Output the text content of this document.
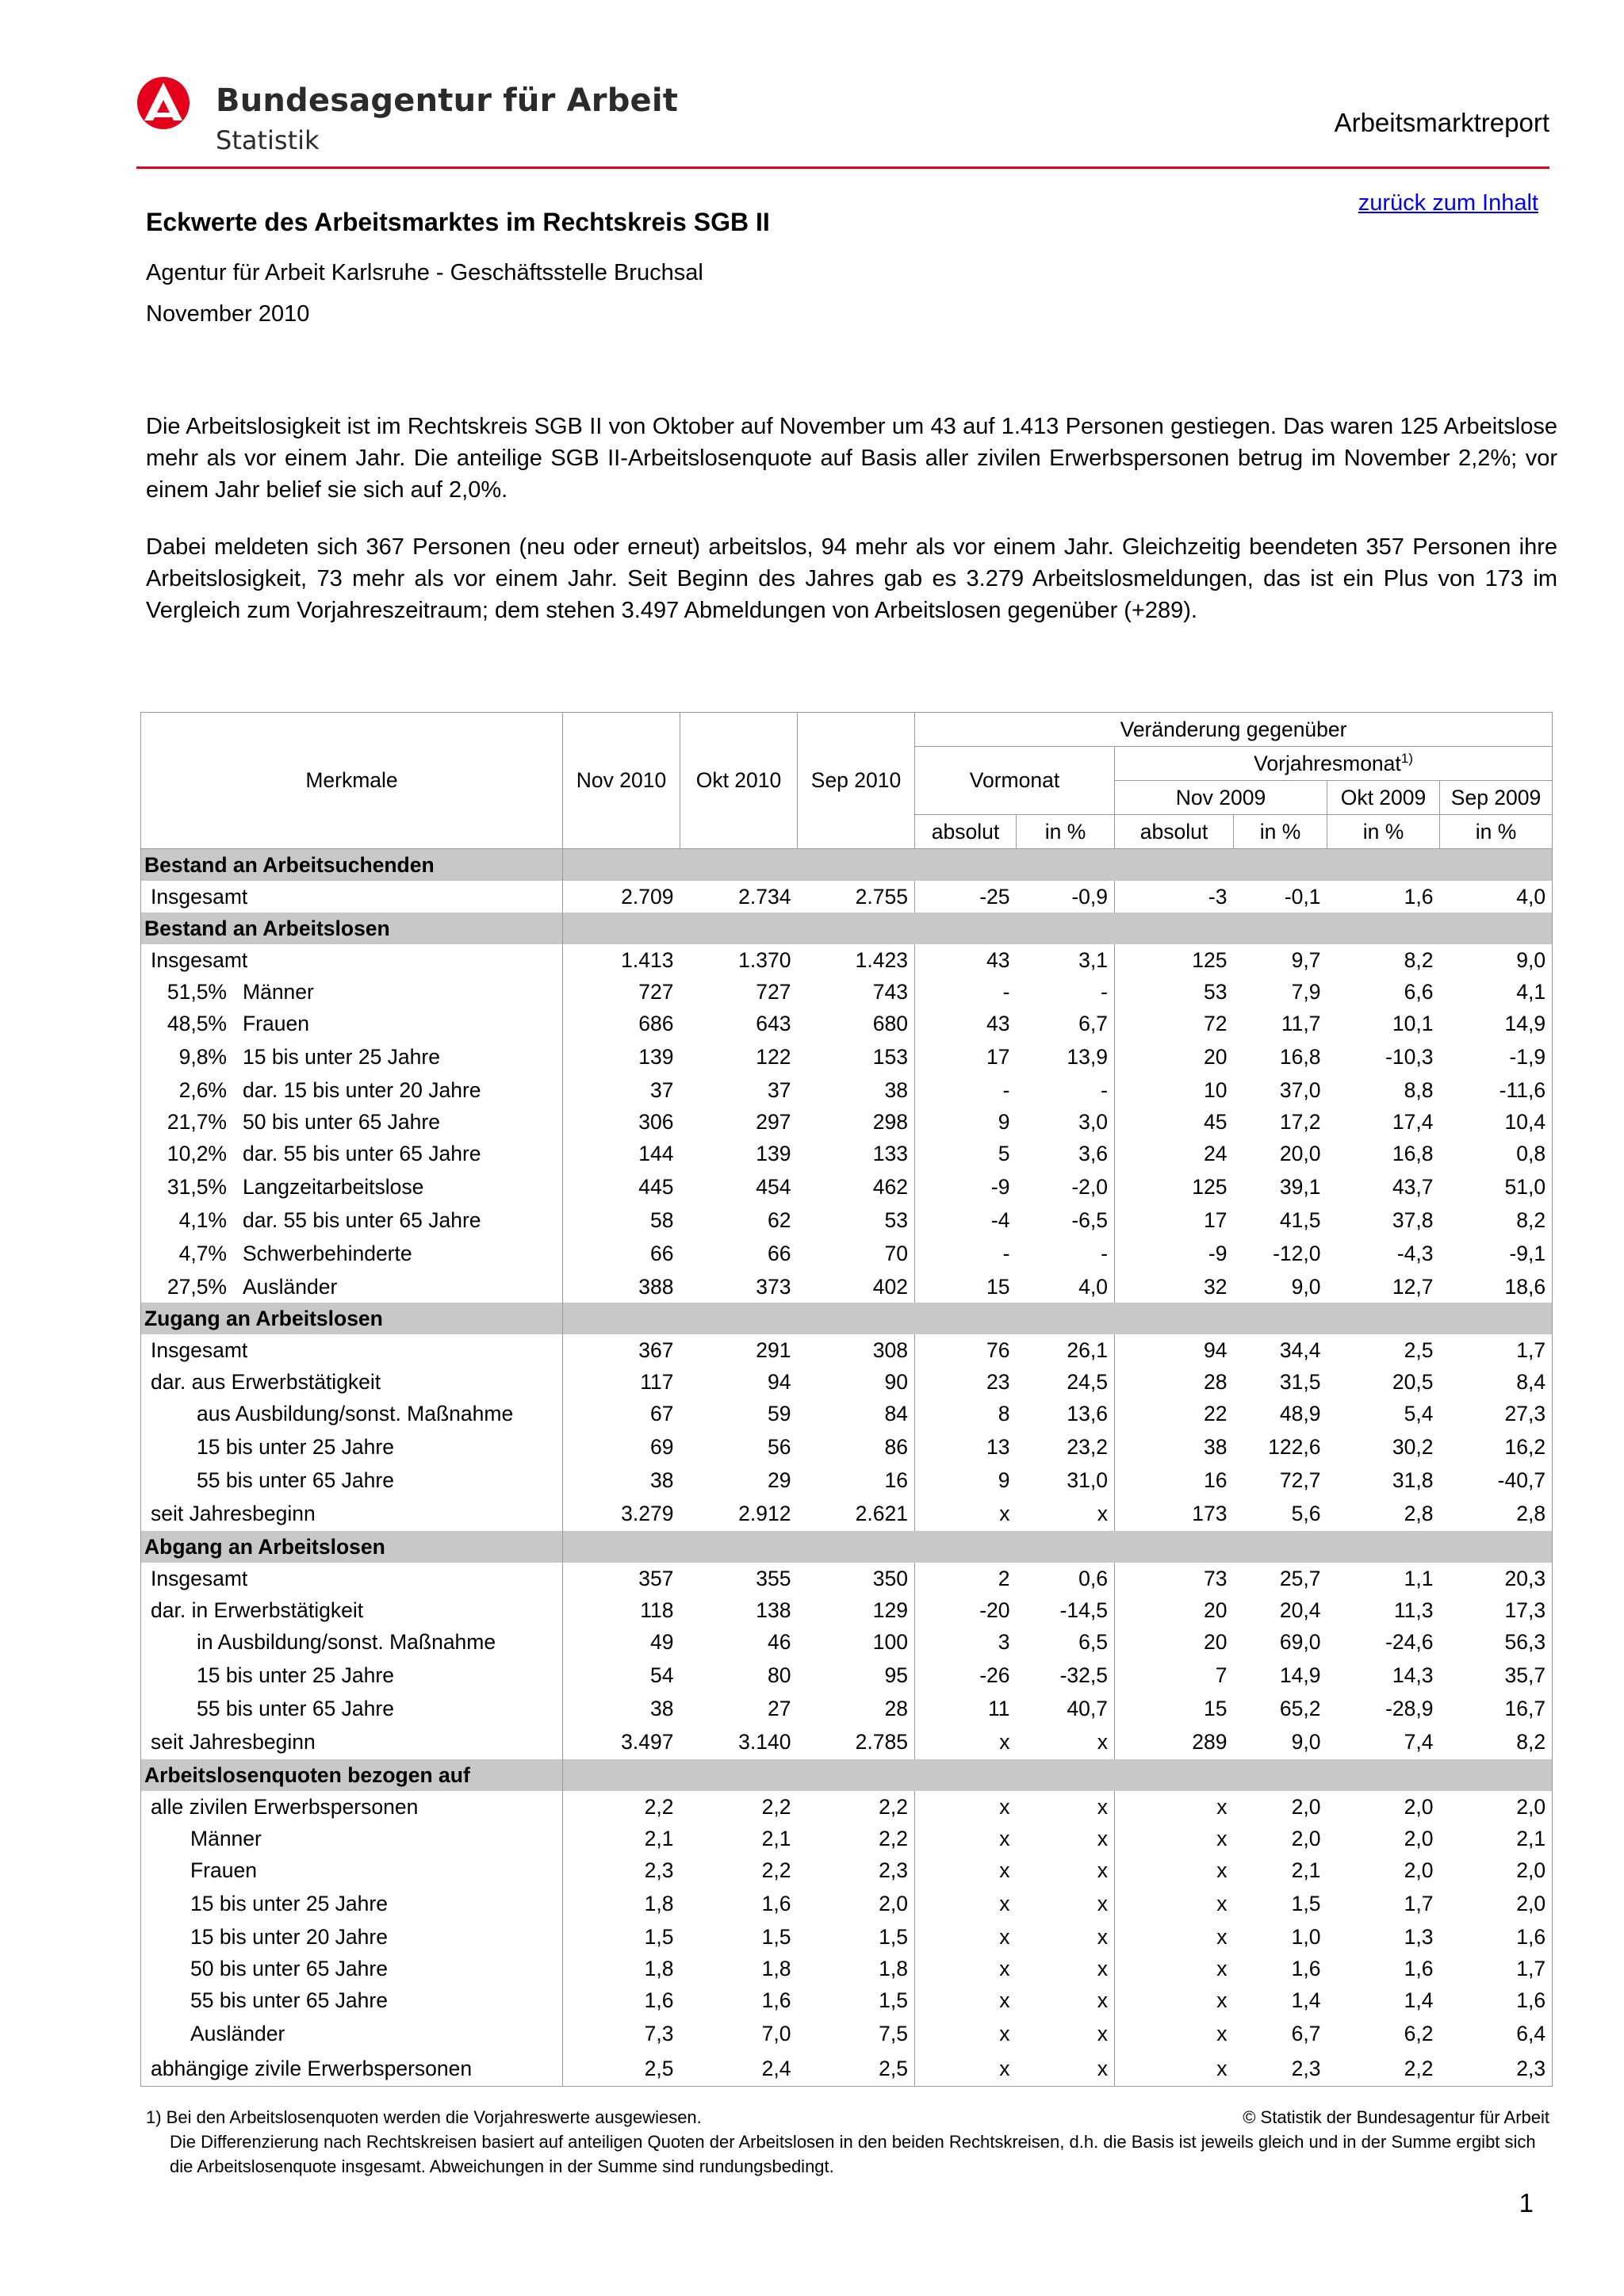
Bundesagentur für Arbeit
Statistik
Arbeitsmarktreport
zurück zum Inhalt
Eckwerte des Arbeitsmarktes im Rechtskreis SGB II
Agentur für Arbeit Karlsruhe - Geschäftsstelle Bruchsal
November 2010

Die Arbeitslosigkeit ist im Rechtskreis SGB II von Oktober auf November um 43 auf 1.413 Personen gestiegen. Das waren 125 Arbeitslose mehr als vor einem Jahr. Die anteilige SGB II-Arbeitslosenquote auf Basis aller zivilen Erwerbspersonen betrug im November 2,2%; vor einem Jahr belief sie sich auf 2,0%.

Dabei meldeten sich 367 Personen (neu oder erneut) arbeitslos, 94 mehr als vor einem Jahr. Gleichzeitig beendeten 357 Personen ihre Arbeitslosigkeit, 73 mehr als vor einem Jahr. Seit Beginn des Jahres gab es 3.279 Arbeitslosmeldungen, das ist ein Plus von 173 im Vergleich zum Vorjahreszeitraum; dem stehen 3.497 Abmeldungen von Arbeitslosen gegenüber (+289).

Merkmale	Nov 2010	Okt 2010	Sep 2010	Veränderung gegenüber					
				Vormonat		Vorjahresmonat$^{1)}$
						Nov 2009		Okt 2009	Sep 2009
				absolut	in %	absolut	in %	in %	in %
Bestand an Arbeitsuchenden									
Insgesamt	2.709	2.734	2.755	-25	-0,9	-3	-0,1	1,6	4,0
Bestand an Arbeitslosen									
Insgesamt	1.413	1.370	1.423	43	3,1	125	9,7	8,2	9,0
51,5% Männer	727	727	743	-	-	53	7,9	6,6	4,1
48,5% Frauen	686	643	680	43	6,7	72	11,7	10,1	14,9
9,8% 15 bis unter 25 Jahre	139	122	153	17	13,9	20	16,8	-10,3	-1,9
2,6% dar. 15 bis unter 20 Jahre	37	37	38	-	-	10	37,0	8,8	-11,6
21,7% 50 bis unter 65 Jahre	306	297	298	9	3,0	45	17,2	17,4	10,4
10,2% dar. 55 bis unter 65 Jahre	144	139	133	5	3,6	24	20,0	16,8	0,8
31,5% Langzeitarbeitslose	445	454	462	-9	-2,0	125	39,1	43,7	51,0
4,1% dar. 55 bis unter 65 Jahre	58	62	53	-4	-6,5	17	41,5	37,8	8,2
4,7% Schwerbehinderte	66	66	70	-	-	-9	-12,0	-4,3	-9,1
27,5% Ausländer	388	373	402	15	4,0	32	9,0	12,7	18,6
Zugang an Arbeitslosen									
Insgesamt	367	291	308	76	26,1	94	34,4	2,5	1,7
dar. aus Erwerbstätigkeit	117	94	90	23	24,5	28	31,5	20,5	8,4
aus Ausbildung/sonst. Maßnahme	67	59	84	8	13,6	22	48,9	5,4	27,3
15 bis unter 25 Jahre	69	56	86	13	23,2	38	122,6	30,2	16,2
55 bis unter 65 Jahre	38	29	16	9	31,0	16	72,7	31,8	-40,7
seit Jahresbeginn	3.279	2.912	2.621	x	x	173	5,6	2,8	2,8
Abgang an Arbeitslosen									
Insgesamt	357	355	350	2	0,6	73	25,7	1,1	20,3
dar. in Erwerbstätigkeit	118	138	129	-20	-14,5	20	20,4	11,3	17,3
in Ausbildung/sonst. Maßnahme	49	46	100	3	6,5	20	69,0	-24,6	56,3
15 bis unter 25 Jahre	54	80	95	-26	-32,5	7	14,9	14,3	35,7
55 bis unter 65 Jahre	38	27	28	11	40,7	15	65,2	-28,9	16,7
seit Jahresbeginn	3.497	3.140	2.785	x	x	289	9,0	7,4	8,2
Arbeitslosenquoten bezogen auf									
alle zivilen Erwerbspersonen	2,2	2,2	2,2	x	x	x	2,0	2,0	2,0
Männer	2,1	2,1	2,2	x	x	x	2,0	2,0	2,1
Frauen	2,3	2,2	2,3	x	x	x	2,1	2,0	2,0
15 bis unter 25 Jahre	1,8	1,6	2,0	x	x	x	1,5	1,7	2,0
15 bis unter 20 Jahre	1,5	1,5	1,5	x	x	x	1,0	1,3	1,6
50 bis unter 65 Jahre	1,8	1,8	1,8	x	x	x	1,6	1,6	1,7
55 bis unter 65 Jahre	1,6	1,6	1,5	x	x	x	1,4	1,4	1,6
Ausländer	7,3	7,0	7,5	x	x	x	6,7	6,2	6,4
abhängige zivile Erwerbspersonen	2,5	2,4	2,5	x	x	x	2,3	2,2	2,3
1) Bei den Arbeitslosenquoten werden die Vorjahreswerte ausgewiesen.	© Statistik der Bundesagentur für Arbeit

Die Differenzierung nach Rechtskreisen basiert auf anteiligen Quoten der Arbeitslosen in den beiden Rechtskreisen, d.h. die Basis ist jeweils gleich und in der Summe ergibt sich die Arbeitslosenquote insgesamt. Abweichungen in der Summe sind rundungsbedingt.

1
